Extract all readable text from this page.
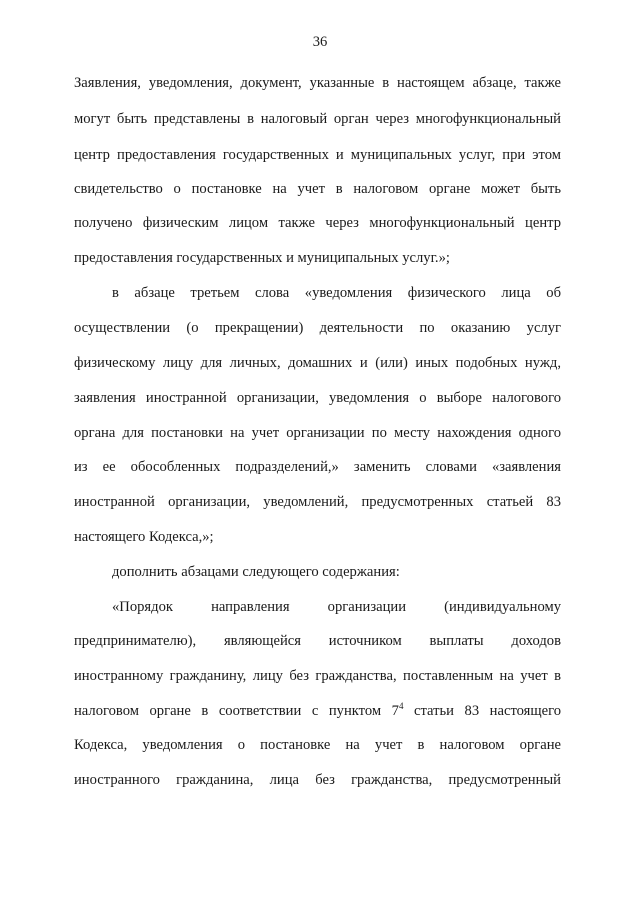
36
Заявления, уведомления, документ, указанные в настоящем абзаце, также
могут быть представлены в налоговый орган через многофункциональный
центр предоставления государственных и муниципальных услуг, при этом
свидетельство о постановке на учет в налоговом органе может быть
получено физическим лицом также через многофункциональный центр
предоставления государственных и муниципальных услуг.»;
в абзаце третьем слова «уведомления физического лица об
осуществлении (о прекращении) деятельности по оказанию услуг
физическому лицу для личных, домашних и (или) иных подобных нужд,
заявления иностранной организации, уведомления о выборе налогового
органа для постановки на учет организации по месту нахождения одного
из ее обособленных подразделений,» заменить словами «заявления
иностранной организации, уведомлений, предусмотренных статьей 83
настоящего Кодекса,»;
дополнить абзацами следующего содержания:
«Порядок направления организации (индивидуальному
предпринимателю), являющейся источником выплаты доходов
иностранному гражданину, лицу без гражданства, поставленным на учет в
налоговом органе в соответствии с пунктом $7^4$ статьи 83 настоящего
Кодекса, уведомления о постановке на учет в налоговом органе
иностранного гражданина, лица без гражданства, предусмотренный
